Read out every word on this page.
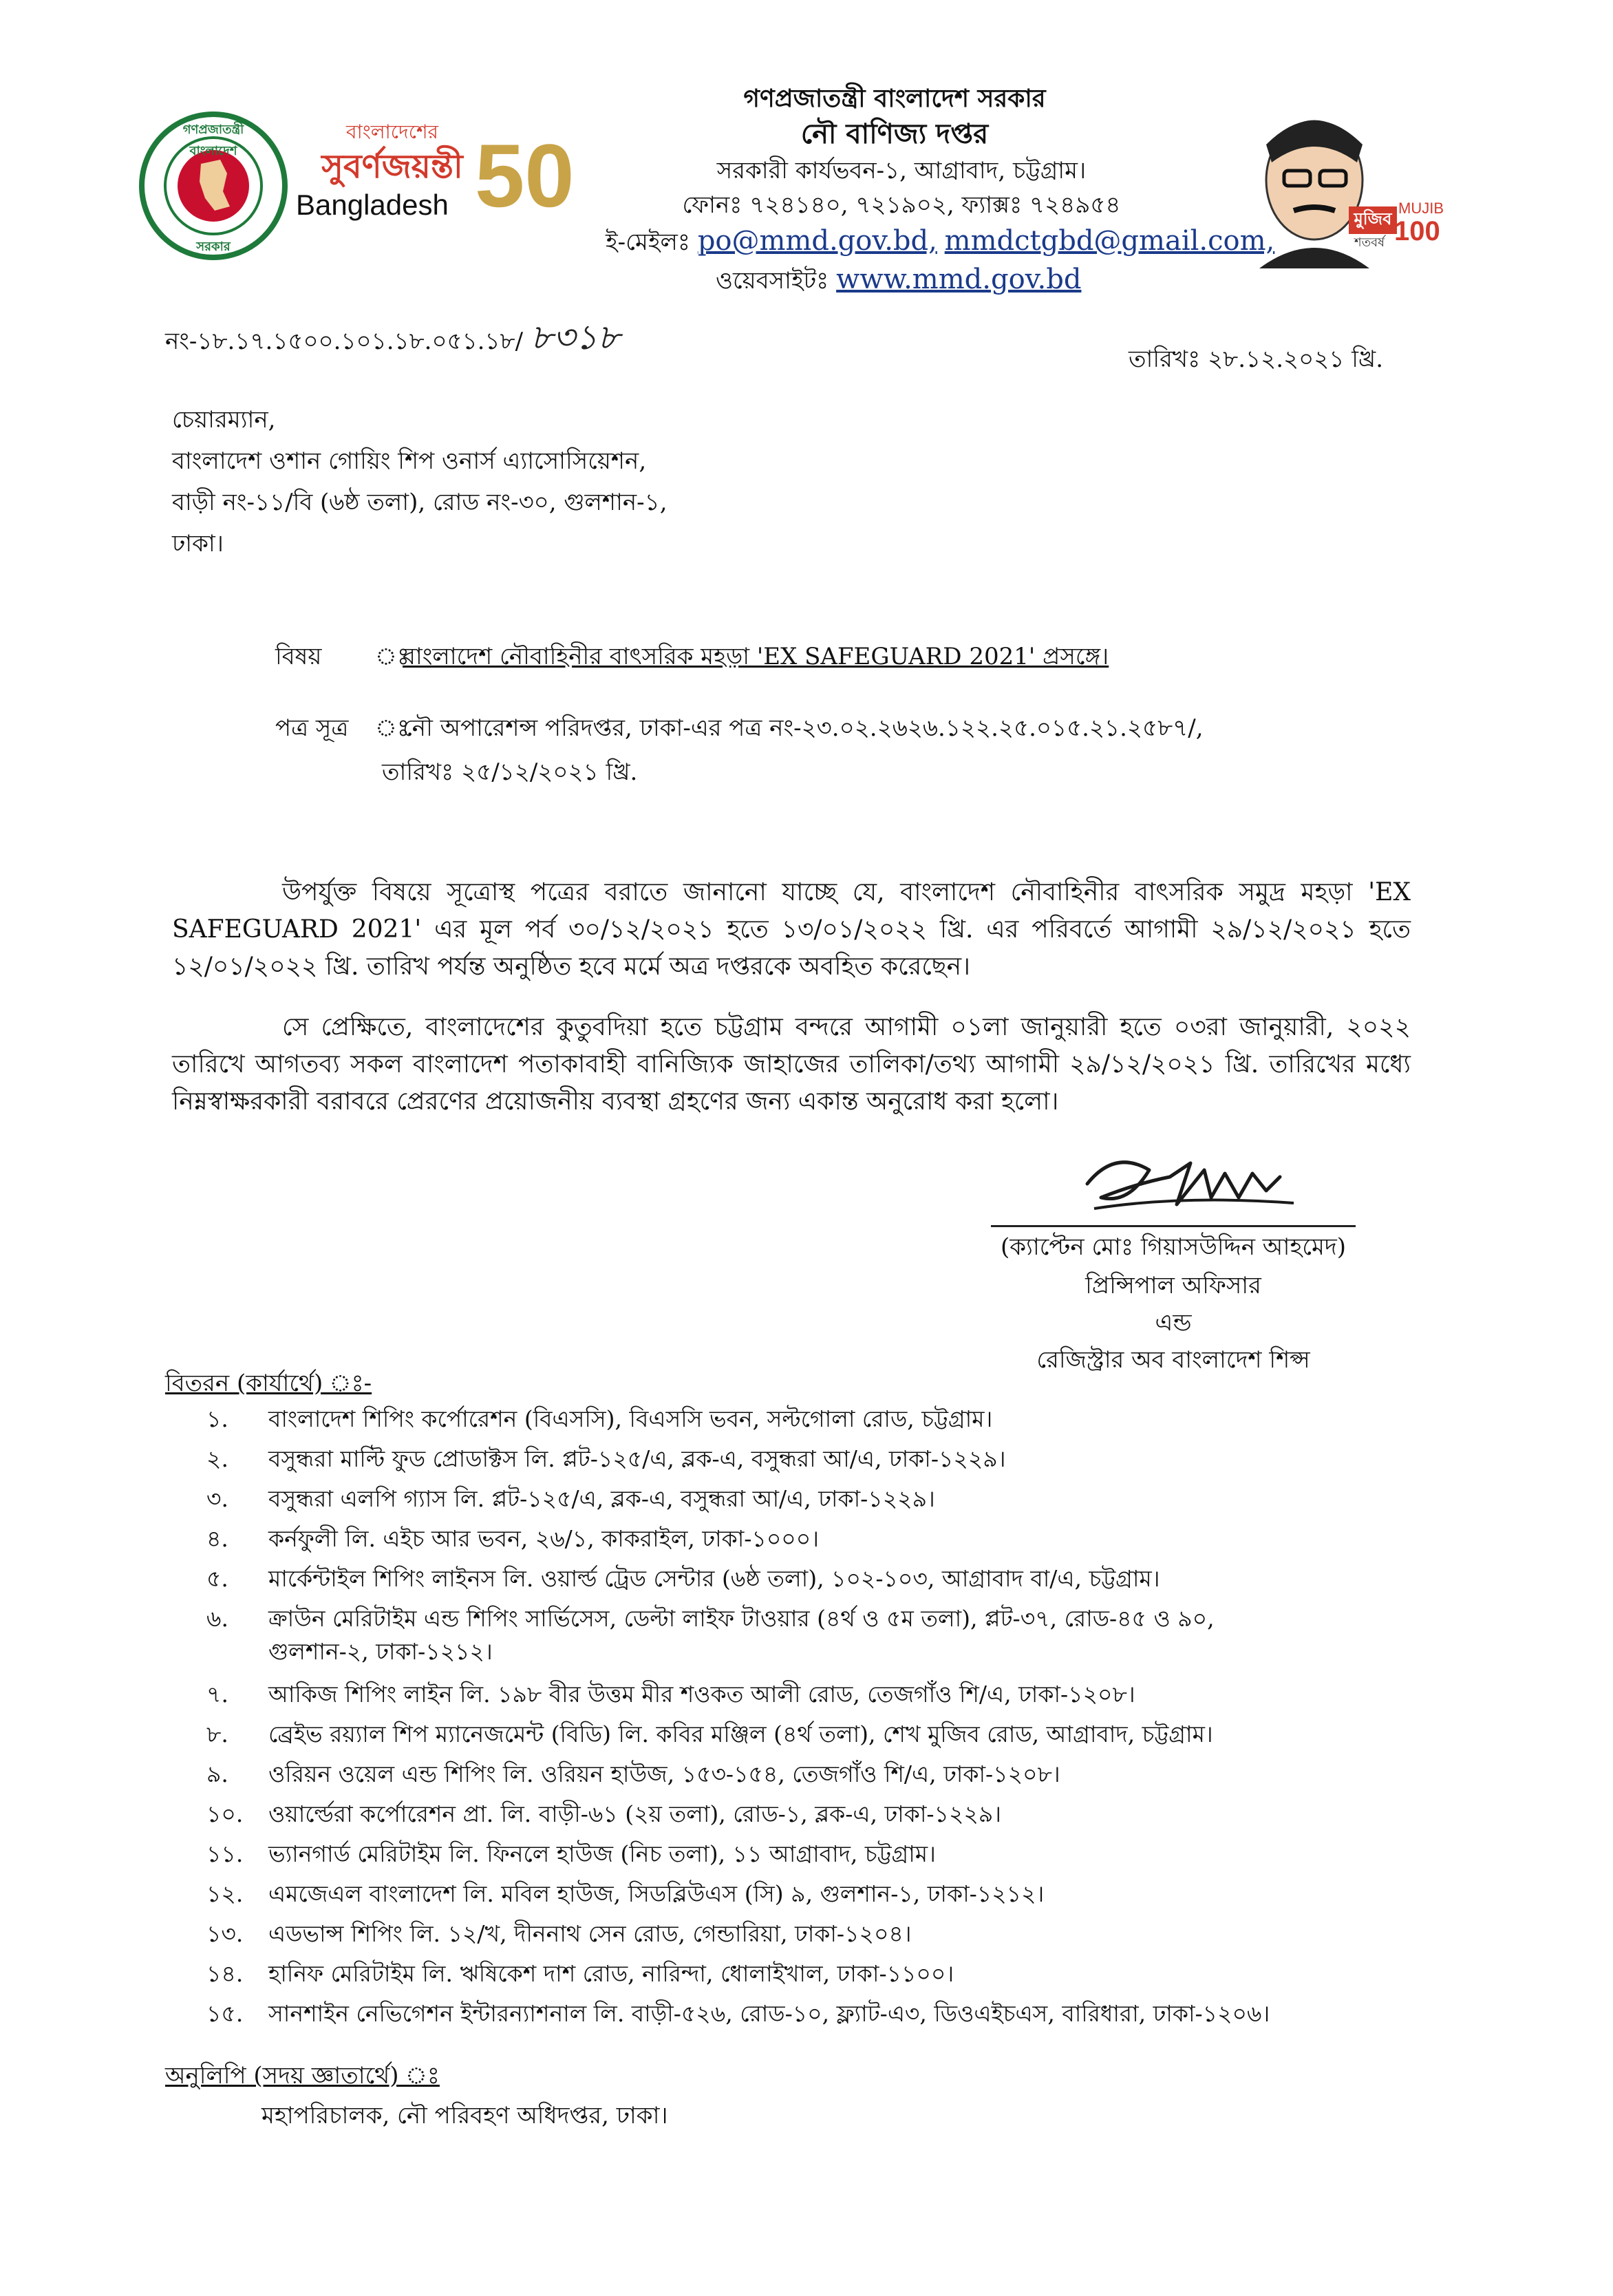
গণপ্রজাতন্ত্রী বাংলাদেশ
সরকার
বাংলাদেশের
সুবর্ণজয়ন্তী
Bangladesh 50	মুজিব
MUJIB
শতবর্ষ 100
গণপ্রজাতন্ত্রী বাংলাদেশ সরকার
নৌ বাণিজ্য দপ্তর
সরকারী কার্যভবন-১, আগ্রাবাদ, চট্টগ্রাম।
ফোনঃ ৭২৪১৪০, ৭২১৯০২, ফ্যাক্সঃ ৭২৪৯৫৪
ই-মেইলঃ po@mmd.gov.bd, mmdctgbd@gmail.com,
ওয়েবসাইটঃ www.mmd.gov.bd
নং-১৮.১৭.১৫০০.১০১.১৮.০৫১.১৮/ ৮৩১৮
তারিখঃ ২৮.১২.২০২১ খ্রি.
চেয়ারম্যান,
বাংলাদেশ ওশান গোয়িং শিপ ওনার্স এ্যাসোসিয়েশন,
বাড়ী নং-১১/বি (৬ষ্ঠ তলা), রোড নং-৩০, গুলশান-১,
ঢাকা।
বিষয় ঃ
বাংলাদেশ নৌবাহিনীর বাৎসরিক মহড়া 'EX SAFEGUARD 2021' প্রসঙ্গে।
পত্র সূত্র ঃ
নৌ অপারেশন্স পরিদপ্তর, ঢাকা-এর পত্র নং-২৩.০২.২৬২৬.১২২.২৫.০১৫.২১.২৫৮৭/,
তারিখঃ ২৫/১২/২০২১ খ্রি.
উপর্যুক্ত বিষয়ে সূত্রোস্থ পত্রের বরাতে জানানো যাচ্ছে যে, বাংলাদেশ নৌবাহিনীর বাৎসরিক সমুদ্র মহড়া 'EX SAFEGUARD 2021' এর মূল পর্ব ৩০/১২/২০২১ হতে ১৩/০১/২০২২ খ্রি. এর পরিবর্তে আগামী ২৯/১২/২০২১ হতে ১২/০১/২০২২ খ্রি. তারিখ পর্যন্ত অনুষ্ঠিত হবে মর্মে অত্র দপ্তরকে অবহিত করেছেন।
সে প্রেক্ষিতে, বাংলাদেশের কুতুবদিয়া হতে চট্টগ্রাম বন্দরে আগামী ০১লা জানুয়ারী হতে ০৩রা জানুয়ারী, ২০২২ তারিখে আগতব্য সকল বাংলাদেশ পতাকাবাহী বানিজ্যিক জাহাজের তালিকা/তথ্য আগামী ২৯/১২/২০২১ খ্রি. তারিখের মধ্যে নিম্নস্বাক্ষরকারী বরাবরে প্রেরণের প্রয়োজনীয় ব্যবস্থা গ্রহণের জন্য একান্ত অনুরোধ করা হলো।
(ক্যাপ্টেন মোঃ গিয়াসউদ্দিন আহমেদ)
প্রিন্সিপাল অফিসার
এন্ড
রেজিস্ট্রার অব বাংলাদেশ শিপ্স
বিতরন (কার্যার্থে) ঃ-
১.	বাংলাদেশ শিপিং কর্পোরেশন (বিএসসি), বিএসসি ভবন, সল্টগোলা রোড, চট্টগ্রাম।
২.	বসুন্ধরা মাল্টি ফুড প্রোডাক্টস লি. প্লট-১২৫/এ, ব্লক-এ, বসুন্ধরা আ/এ, ঢাকা-১২২৯।
৩.	বসুন্ধরা এলপি গ্যাস লি. প্লট-১২৫/এ, ব্লক-এ, বসুন্ধরা আ/এ, ঢাকা-১২২৯।
৪.	কর্নফুলী লি. এইচ আর ভবন, ২৬/১, কাকরাইল, ঢাকা-১০০০।
৫.	মার্কেন্টাইল শিপিং লাইনস লি. ওয়ার্ল্ড ট্রেড সেন্টার (৬ষ্ঠ তলা), ১০২-১০৩, আগ্রাবাদ বা/এ, চট্টগ্রাম।
৬.	ক্রাউন মেরিটাইম এন্ড শিপিং সার্ভিসেস, ডেল্টা লাইফ টাওয়ার (৪র্থ ও ৫ম তলা), প্লট-৩৭, রোড-৪৫ ও ৯০,
গুলশান-২, ঢাকা-১২১২।
৭.	আকিজ শিপিং লাইন লি. ১৯৮ বীর উত্তম মীর শওকত আলী রোড, তেজগাঁও শি/এ, ঢাকা-১২০৮।
৮.	ব্রেইভ রয়্যাল শিপ ম্যানেজমেন্ট (বিডি) লি. কবির মঞ্জিল (৪র্থ তলা), শেখ মুজিব রোড, আগ্রাবাদ, চট্টগ্রাম।
৯.	ওরিয়ন ওয়েল এন্ড শিপিং লি. ওরিয়ন হাউজ, ১৫৩-১৫৪, তেজগাঁও শি/এ, ঢাকা-১২০৮।
১০.	ওয়ার্ল্ডেরা কর্পোরেশন প্রা. লি. বাড়ী-৬১ (২য় তলা), রোড-১, ব্লক-এ, ঢাকা-১২২৯।
১১.	ভ্যানগার্ড মেরিটাইম লি. ফিনলে হাউজ (নিচ তলা), ১১ আগ্রাবাদ, চট্টগ্রাম।
১২.	এমজেএল বাংলাদেশ লি. মবিল হাউজ, সিডব্লিউএস (সি) ৯, গুলশান-১, ঢাকা-১২১২।
১৩.	এডভান্স শিপিং লি. ১২/খ, দীননাথ সেন রোড, গেন্ডারিয়া, ঢাকা-১২০৪।
১৪.	হানিফ মেরিটাইম লি. ঋষিকেশ দাশ রোড, নারিন্দা, ধোলাইখাল, ঢাকা-১১০০।
১৫.	সানশাইন নেভিগেশন ইন্টারন্যাশনাল লি. বাড়ী-৫২৬, রোড-১০, ফ্ল্যাট-এ৩, ডিওএইচএস, বারিধারা, ঢাকা-১২০৬।
অনুলিপি (সদয় জ্ঞাতার্থে) ঃ
মহাপরিচালক, নৌ পরিবহণ অধিদপ্তর, ঢাকা।
